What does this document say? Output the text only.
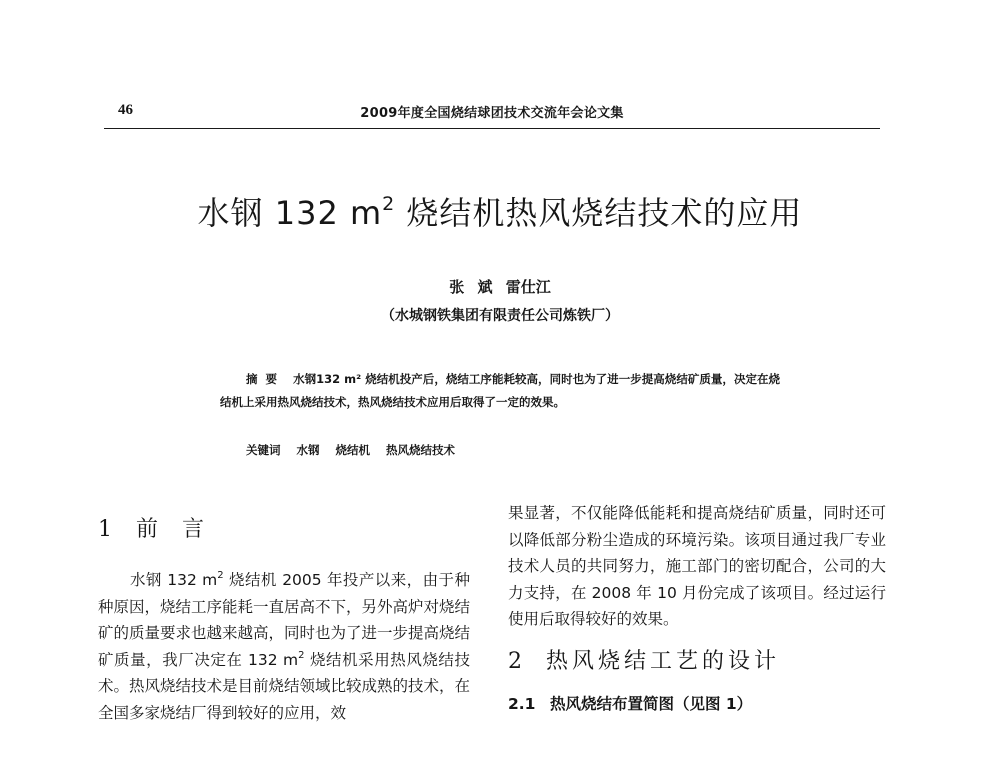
46	2009年度全国烧结球团技术交流年会论文集
水钢 132 $m^2$ 烧结机热风烧结技术的应用
张 斌 雷仕江
（水城钢铁集团有限责任公司炼铁厂）
摘要 水钢132 m² 烧结机投产后，烧结工序能耗较高，同时也为了进一步提高烧结矿质量，决定在烧结机上采用热风烧结技术，热风烧结技术应用后取得了一定的效果。
关键词 水钢 烧结机 热风烧结技术
1 前言

水钢 132 $m^2$ 烧结机 2005 年投产以来，由于种种原因，烧结工序能耗一直居高不下，另外高炉对烧结矿的质量要求也越来越高，同时也为了进一步提高烧结矿质量，我厂决定在 132 $m^2$ 烧结机采用热风烧结技术。热风烧结技术是目前烧结领域比较成熟的技术，在全国多家烧结厂得到较好的应用，效

果显著，不仅能降低能耗和提高烧结矿质量，同时还可以降低部分粉尘造成的环境污染。该项目通过我厂专业技术人员的共同努力，施工部门的密切配合，公司的大力支持，在 2008 年 10 月份完成了该项目。经过运行使用后取得较好的效果。

2 热风烧结工艺的设计

2.1 热风烧结布置简图（见图 1）
